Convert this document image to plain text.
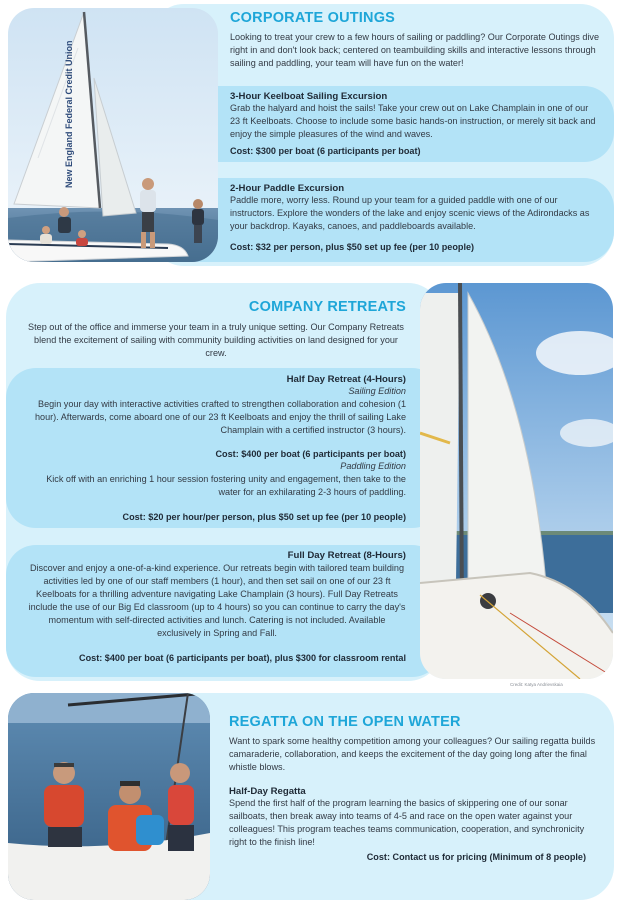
New England Federal Credit Union
CORPORATE OUTINGS
Looking to treat your crew to a few hours of sailing or paddling? Our Corporate Outings dive right in and don't look back; centered on teambuilding skills and interactive lessons through sailing and paddling, your team will have fun on the water!
3-Hour Keelboat Sailing Excursion
Grab the halyard and hoist the sails! Take your crew out on Lake Champlain in one of our 23 ft Keelboats. Choose to include some basic hands-on instruction, or merely sit back and enjoy the simple pleasures of the wind and waves.
Cost: $300 per boat (6 participants per boat)
2-Hour Paddle Excursion
Paddle more, worry less. Round up your team for a guided paddle with one of our instructors. Explore the wonders of the lake and enjoy scenic views of the Adirondacks as your backdrop. Kayaks, canoes, and paddleboards available.
Cost: $32 per person, plus $50 set up fee (per 10 people)
Credit: Katya Andrievskaia
COMPANY RETREATS
Step out of the office and immerse your team in a truly unique setting. Our Company Retreats blend the excitement of sailing with community building activities on land designed for your crew.
Half Day Retreat (4-Hours)
Sailing Edition
Begin your day with interactive activities crafted to strengthen collaboration and cohesion (1 hour). Afterwards, come aboard one of our 23 ft Keelboats and enjoy the thrill of sailing Lake Champlain with a certified instructor (3 hours).
Cost: $400 per boat (6 participants per boat)
Paddling Edition
Kick off with an enriching 1 hour session fostering unity and engagement, then take to the water for an exhilarating 2-3 hours of paddling.
Cost: $20 per hour/per person, plus $50 set up fee (per 10 people)
Full Day Retreat (8-Hours)
Discover and enjoy a one-of-a-kind experience. Our retreats begin with tailored team building activities led by one of our staff members (1 hour), and then set sail on one of our 23 ft Keelboats for a thrilling adventure navigating Lake Champlain (3 hours). Full Day Retreats include the use of our Big Ed classroom (up to 4 hours) so you can continue to carry the day's momentum with self-directed activities and lunch. Catering is not included. Available exclusively in Spring and Fall.
Cost: $400 per boat (6 participants per boat), plus $300 for classroom rental
REGATTA ON THE OPEN WATER
Want to spark some healthy competition among your colleagues? Our sailing regatta builds camaraderie, collaboration, and keeps the excitement of the day going long after the final whistle blows.
Half-Day Regatta
Spend the first half of the program learning the basics of skippering one of our sonar sailboats, then break away into teams of 4-5 and race on the open water against your colleagues! This program teaches teams communication, cooperation, and synchronicity right to the finish line!
Cost: Contact us for pricing (Minimum of 8 people)
